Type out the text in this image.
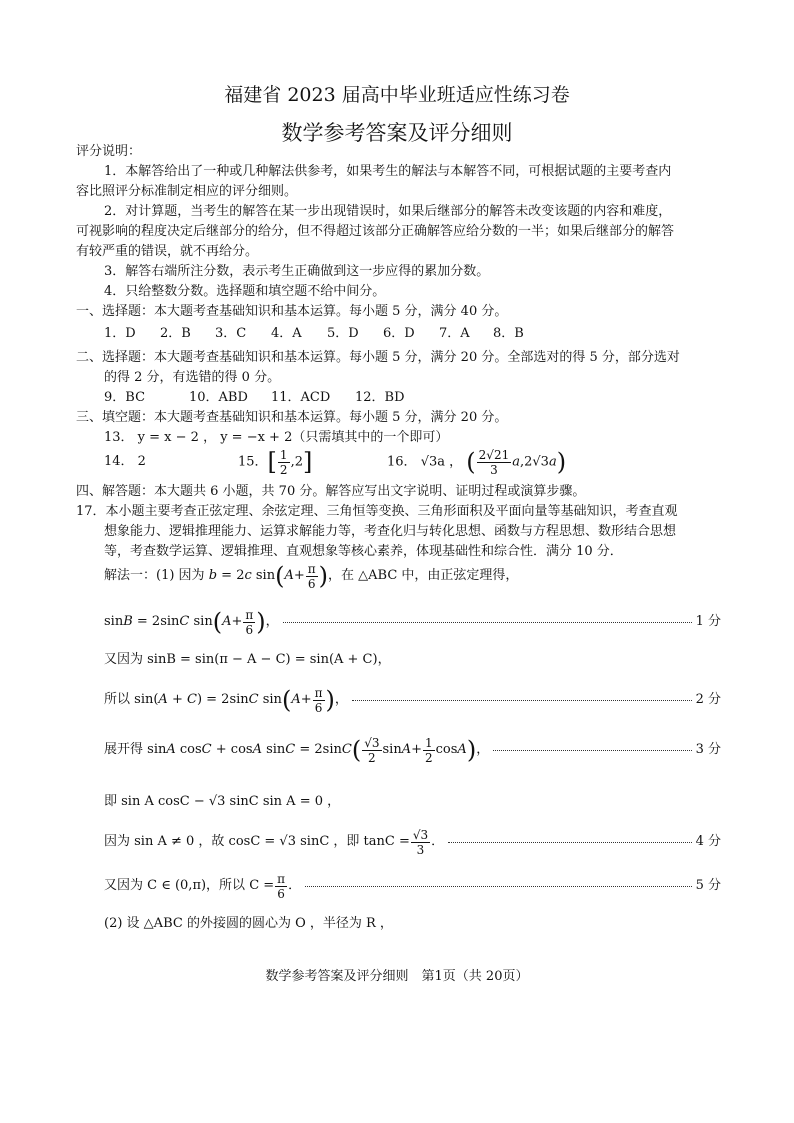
福建省 2023 届高中毕业班适应性练习卷
数学参考答案及评分细则
评分说明：
1．本解答给出了一种或几种解法供参考，如果考生的解法与本解答不同，可根据试题的主要考查内
容比照评分标准制定相应的评分细则。
2．对计算题，当考生的解答在某一步出现错误时，如果后继部分的解答未改变该题的内容和难度，
可视影响的程度决定后继部分的给分，但不得超过该部分正确解答应给分数的一半；如果后继部分的解答
有较严重的错误，就不再给分。
3．解答右端所注分数，表示考生正确做到这一步应得的累加分数。
4．只给整数分数。选择题和填空题不给中间分。
一、选择题：本大题考查基础知识和基本运算。每小题 5 分，满分 40 分。
1．D 2．B 3．C 4．A 5．D 6．D 7．A 8．B
二、选择题：本大题考查基础知识和基本运算。每小题 5 分，满分 20 分。全部选对的得 5 分，部分选对
的得 2 分，有选错的得 0 分。
9．BC	10．ABD 11．ACD 12．BD
三、填空题：本大题考查基础知识和基本运算。每小题 5 分，满分 20 分。
13． y = x − 2 ， y = −x + 2（只需填其中的一个即可）
14． 2	15．[ $\frac{1}{2} ,2$]	16． √3a ， ( $\frac{2√21}{3} a,2√3a$)
四、解答题：本大题共 6 小题，共 70 分。解答应写出文字说明、证明过程或演算步骤。
17．本小题主要考查正弦定理、余弦定理、三角恒等变换、三角形面积及平面向量等基础知识，考查直观
想象能力、逻辑推理能力、运算求解能力等，考查化归与转化思想、函数与方程思想、数形结合思想
等，考查数学运算、逻辑推理、直观想象等核心素养，体现基础性和综合性．满分 10 分．
解法一：(1) 因为 b = 2c sin ( $A + \frac{\pi}{6}$ ) ，在 △ABC 中，由正弦定理得，
sinB = 2sinC sin ( $A + \frac{\pi}{6}$ ) ，	1 分
又因为 sinB = sin(π − A − C) = sin(A + C)，
所以 sin(A + C) = 2sinC sin ( $A + \frac{\pi}{6}$ ) ，	2 分
展开得 sinA cosC + cosA sinC = 2sinC ( $\frac{√3}{2}$ $\sin A + \frac{1}{2}$ cos A ) ，	3 分
即 sin A cosC − √3 sinC sin A = 0 ，
因为 sin A ≠ 0 ，故 cosC = √3 sinC ，即 $\tan C = \frac{√3}{3}$ ．	4 分
又因为 C ∈ (0,π)，所以 $C = \frac{\pi}{6}$ ．	5 分
(2) 设 △ABC 的外接圆的圆心为 O ，半径为 R ，
数学参考答案及评分细则　第1页（共 20页）
